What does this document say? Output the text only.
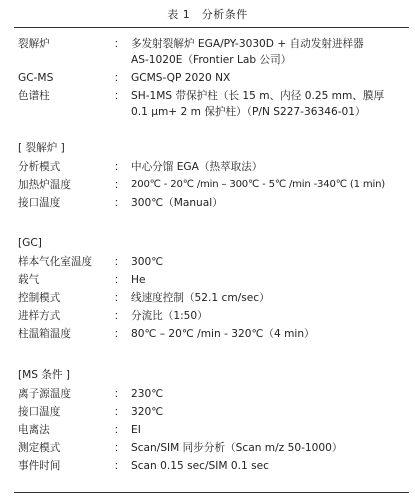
表 1　分析条件
裂解炉	： 多发射裂解炉 EGA/PY-3030D + 自动发射进样器
AS-1020E（Frontier Lab 公司）
GC-MS	： GCMS-QP 2020 NX
色谱柱	： SH-1MS 带保护柱（长 15 m、内径 0.25 mm、膜厚
0.1 µm+ 2 m 保护柱）（P/N S227-36346-01）
[ 裂解炉 ]
分析模式	： 中心分馏 EGA（热萃取法）
加热炉温度	： 200℃ - 20℃ /min – 300℃ - 5℃ /min -340℃ (1 min)
接口温度	： 300℃（Manual）
[GC]
样本气化室温度 ： 300℃
载气	： He
控制模式	： 线速度控制（52.1 cm/sec）
进样方式	： 分流比（1:50）
柱温箱温度	： 80℃ – 20℃ /min - 320℃（4 min）
[MS 条件 ]
离子源温度	： 230℃
接口温度	： 320℃
电离法	： EI
测定模式	： Scan/SIM 同步分析（Scan m/z 50-1000）
事件时间	： Scan 0.15 sec/SIM 0.1 sec
